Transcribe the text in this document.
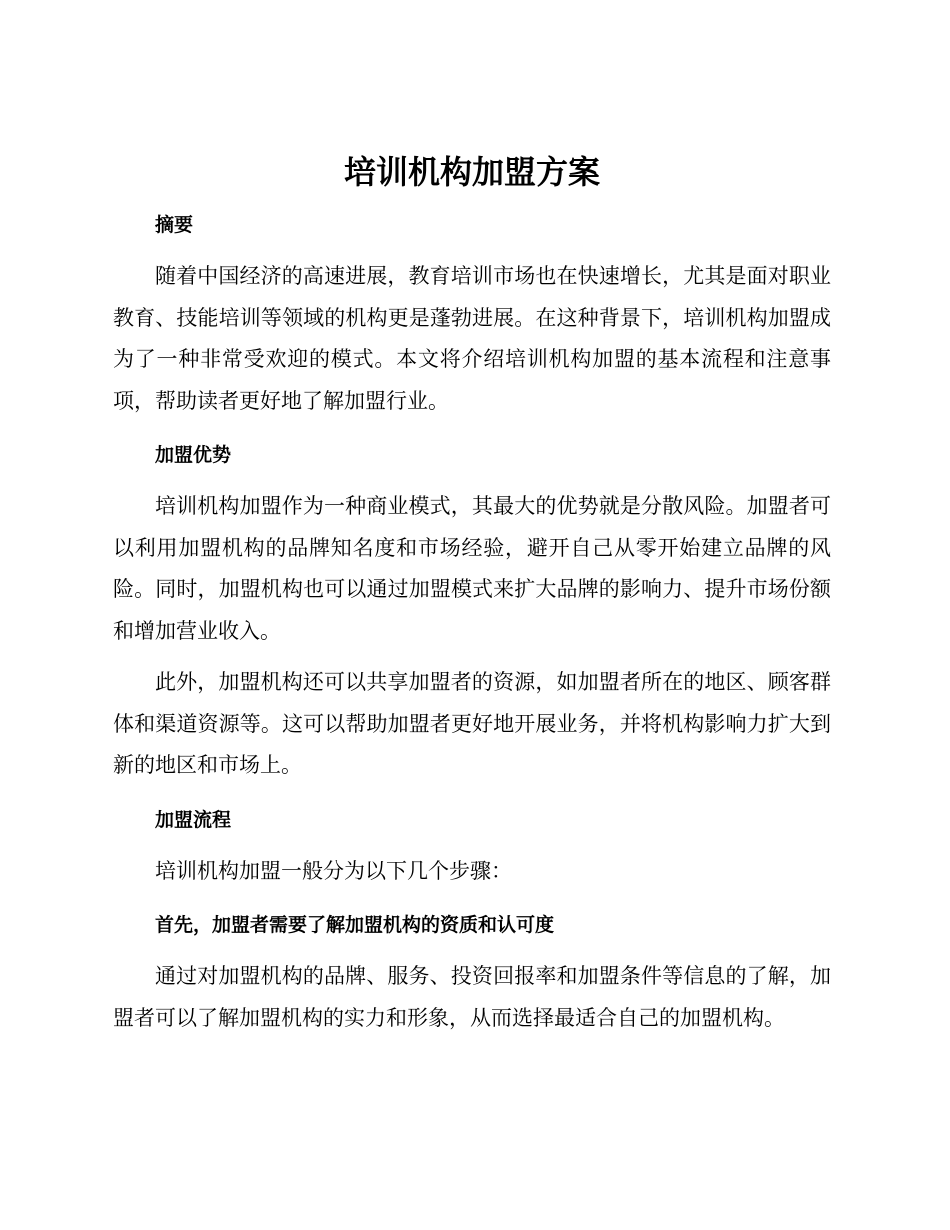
培训机构加盟方案
摘要

随着中国经济的高速进展，教育培训市场也在快速增长，尤其是面对职业教育、技能培训等领域的机构更是蓬勃进展。在这种背景下，培训机构加盟成为了一种非常受欢迎的模式。本文将介绍培训机构加盟的基本流程和注意事项，帮助读者更好地了解加盟行业。

加盟优势

培训机构加盟作为一种商业模式，其最大的优势就是分散风险。加盟者可以利用加盟机构的品牌知名度和市场经验，避开自己从零开始建立品牌的风险。同时，加盟机构也可以通过加盟模式来扩大品牌的影响力、提升市场份额和增加营业收入。

此外，加盟机构还可以共享加盟者的资源，如加盟者所在的地区、顾客群体和渠道资源等。这可以帮助加盟者更好地开展业务，并将机构影响力扩大到新的地区和市场上。

加盟流程

培训机构加盟一般分为以下几个步骤：

首先，加盟者需要了解加盟机构的资质和认可度

通过对加盟机构的品牌、服务、投资回报率和加盟条件等信息的了解，加盟者可以了解加盟机构的实力和形象，从而选择最适合自己的加盟机构。
